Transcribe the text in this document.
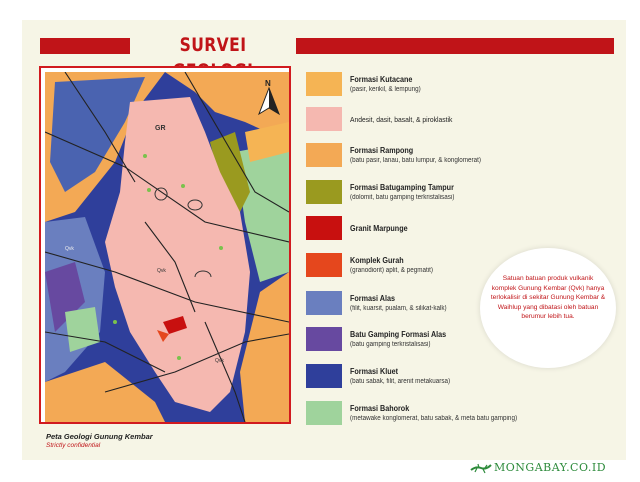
SURVEI
GR
Qvk
Qvk
Qvk
N
Peta Geologi Gunung Kembar
Strictly confidential
Formasi Kutacane
(pasir, kerikil, & lempung)
Andesit, dasit, basalt, & piroklastik
Formasi Rampong
(batu pasir, lanau, batu lumpur, & konglomerat)
Formasi Batugamping Tampur
(dolomit, batu gamping terkristalisasi)
Granit Marpunge
Komplek Gurah
(granodiorit) aplit, & pegmatit)
Formasi Alas
(filit, kuarsit, pualam, & silikat-kalk)
Batu Gamping Formasi Alas
(batu gamping terkristalisasi)
Formasi Kluet
(batu sabak, filit, arenit metakuarsa)
Formasi Bahorok
(metawake konglomerat, batu sabak, & meta batu gamping)
Satuan batuan produk vulkanik komplek Gunung Kembar (Qvk) hanya terlokalisir di sekitar Gunung Kembar & Waihlup yang dibatasi oleh batuan berumur lebih tua.
MONGABAY.CO.ID
